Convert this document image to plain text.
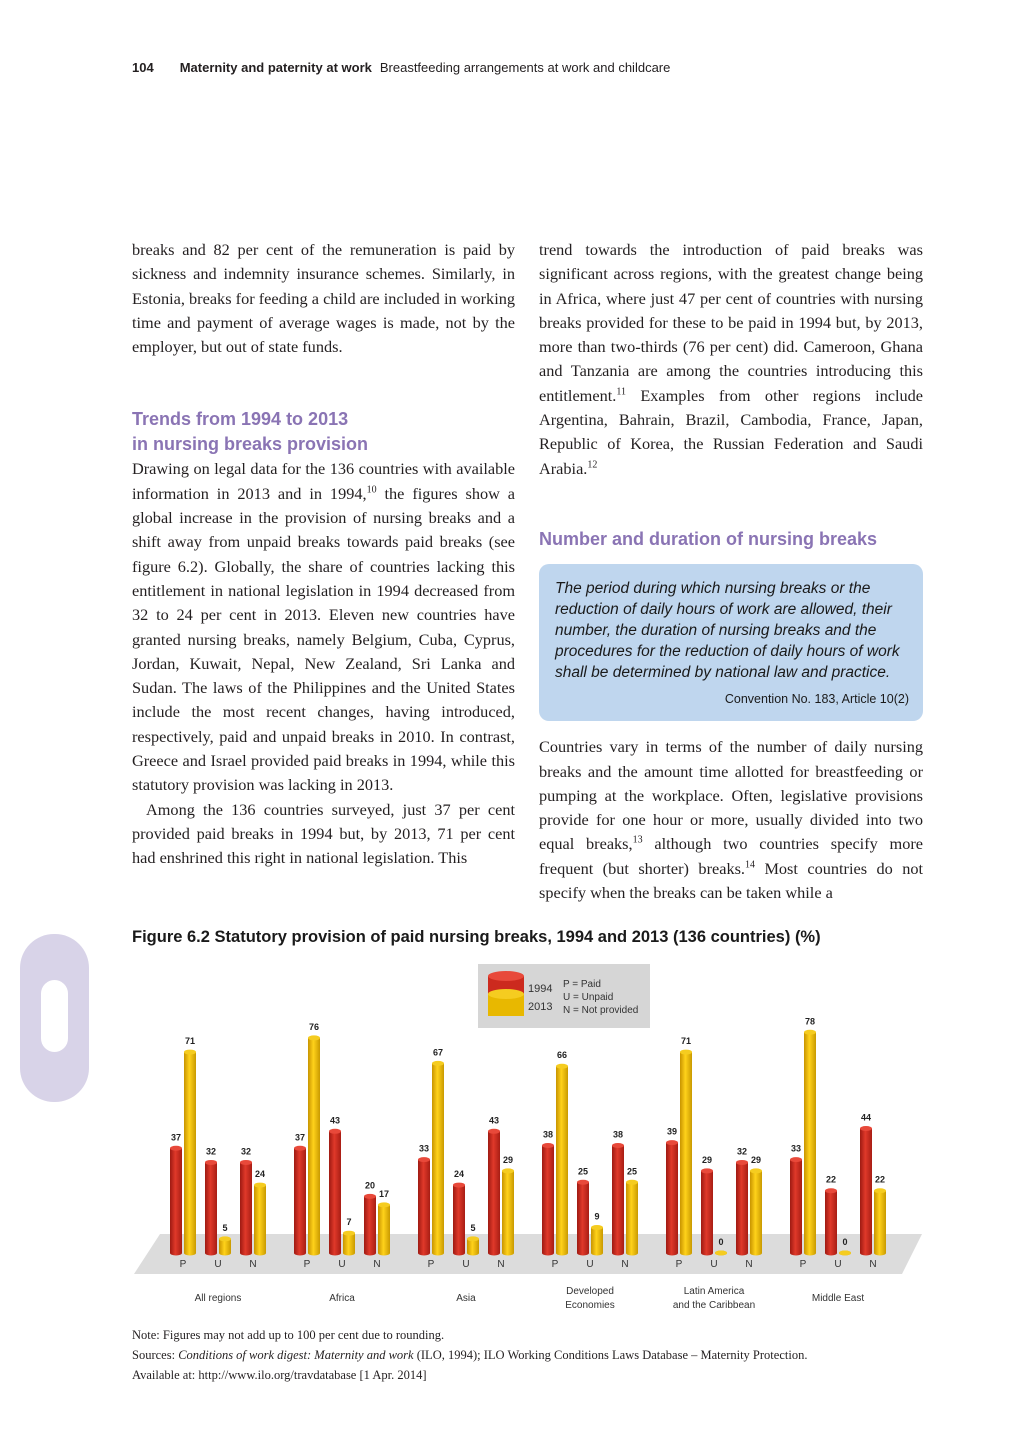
104 Maternity and paternity at work Breastfeeding arrangements at work and childcare

breaks and 82 per cent of the remuneration is paid by sickness and indemnity insurance schemes. Similarly, in Estonia, breaks for feeding a child are included in working time and payment of average wages is made, not by the employer, but out of state funds.

Trends from 1994 to 2013
in nursing breaks provision

Drawing on legal data for the 136 countries with available information in 2013 and in 1994,10 the figures show a global increase in the provision of nursing breaks and a shift away from unpaid breaks towards paid breaks (see figure 6.2). Globally, the share of countries lacking this entitlement in national legislation in 1994 decreased from 32 to 24 per cent in 2013. Eleven new countries have granted nursing breaks, namely Belgium, Cuba, Cyprus, Jordan, Kuwait, Nepal, New Zealand, Sri Lanka and Sudan. The laws of the Philippines and the United States include the most recent changes, having introduced, respectively, paid and unpaid breaks in 2010. In contrast, Greece and Israel provided paid breaks in 1994, while this statutory provision was lacking in 2013.

Among the 136 countries surveyed, just 37 per cent provided paid breaks in 1994 but, by 2013, 71 per cent had enshrined this right in national legislation. This

trend towards the introduction of paid breaks was significant across regions, with the greatest change being in Africa, where just 47 per cent of countries with nursing breaks provided for these to be paid in 1994 but, by 2013, more than two-thirds (76 per cent) did. Cameroon, Ghana and Tanzania are among the countries introducing this entitlement.$^{11}$ Examples from other regions include Argentina, Bahrain, Brazil, Cambodia, France, Japan, Republic of Korea, the Russian Federation and Saudi Arabia.$^{12}$

Number and duration of nursing breaks
The period during which nursing breaks or the reduction of daily hours of work are allowed, their number, the duration of nursing breaks and the procedures for the reduction of daily hours of work shall be determined by national law and practice.
Convention No. 183, Article 10(2)

Countries vary in terms of the number of daily nursing breaks and the amount time allotted for breastfeeding or pumping at the workplace. Often, legislative provisions provide for one hour or more, usually divided into two equal breaks,$^{13}$ although two countries specify more frequent (but shorter) breaks.$^{14}$ Most countries do not specify when the breaks can be taken while a

Figure 6.2 Statutory provision of paid nursing breaks, 1994 and 2013 (136 countries) (%)
37
71
P
32
5
U
32
24
N
All regions
37
76
P
43
7
U
20
17
N
Africa
33
67
P
24
5
U
43
29
N
Asia
38
66
P
25
9
U
38
25
N
Developed
Economies
39
71
P
29
0
U
32
29
N
Latin America
and the Caribbean
33
78
P
22
0
U
44
22
N
Middle East
1994
2013
P = Paid
U = Unpaid
N = Not provided

Note: Figures may not add up to 100 per cent due to rounding.

Sources: Conditions of work digest: Maternity and work (ILO, 1994); ILO Working Conditions Laws Database – Maternity Protection.

Available at: http://www.ilo.org/travdatabase [1 Apr. 2014]
